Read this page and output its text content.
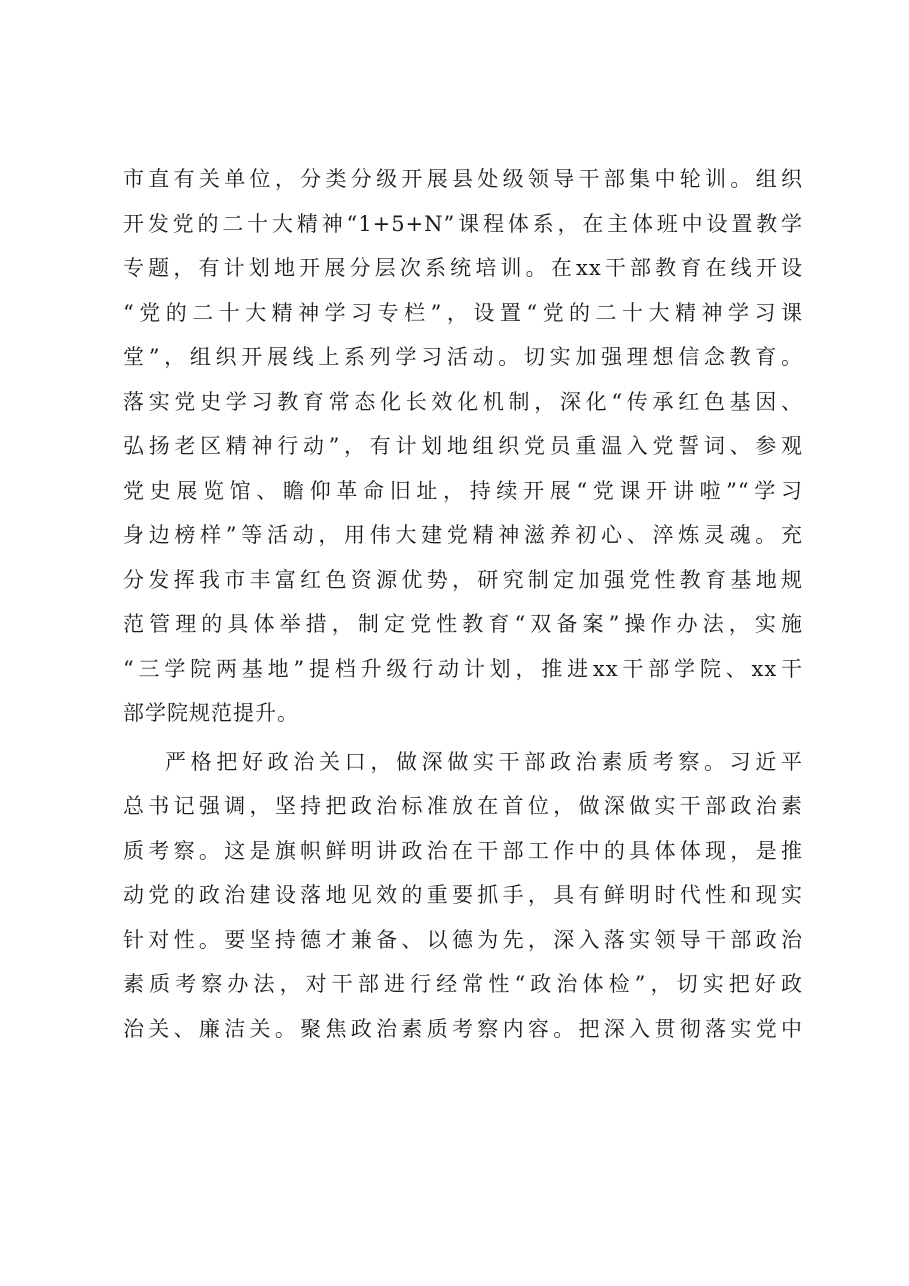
市直有关单位，分类分级开展县处级领导干部集中轮训。组织
开发党的二十大精神“1+5+N”课程体系，在主体班中设置教学
专题，有计划地开展分层次系统培训。在xx干部教育在线开设
“党的二十大精神学习专栏”，设置“党的二十大精神学习课
堂”，组织开展线上系列学习活动。切实加强理想信念教育。
落实党史学习教育常态化长效化机制，深化“传承红色基因、
弘扬老区精神行动”，有计划地组织党员重温入党誓词、参观
党史展览馆、瞻仰革命旧址，持续开展“党课开讲啦”“学习
身边榜样”等活动，用伟大建党精神滋养初心、淬炼灵魂。充
分发挥我市丰富红色资源优势，研究制定加强党性教育基地规
范管理的具体举措，制定党性教育“双备案”操作办法，实施
“三学院两基地”提档升级行动计划，推进xx干部学院、xx干
部学院规范提升。
严格把好政治关口，做深做实干部政治素质考察。习近平
总书记强调，坚持把政治标准放在首位，做深做实干部政治素
质考察。这是旗帜鲜明讲政治在干部工作中的具体体现，是推
动党的政治建设落地见效的重要抓手，具有鲜明时代性和现实
针对性。要坚持德才兼备、以德为先，深入落实领导干部政治
素质考察办法，对干部进行经常性“政治体检”，切实把好政
治关、廉洁关。聚焦政治素质考察内容。把深入贯彻落实党中
